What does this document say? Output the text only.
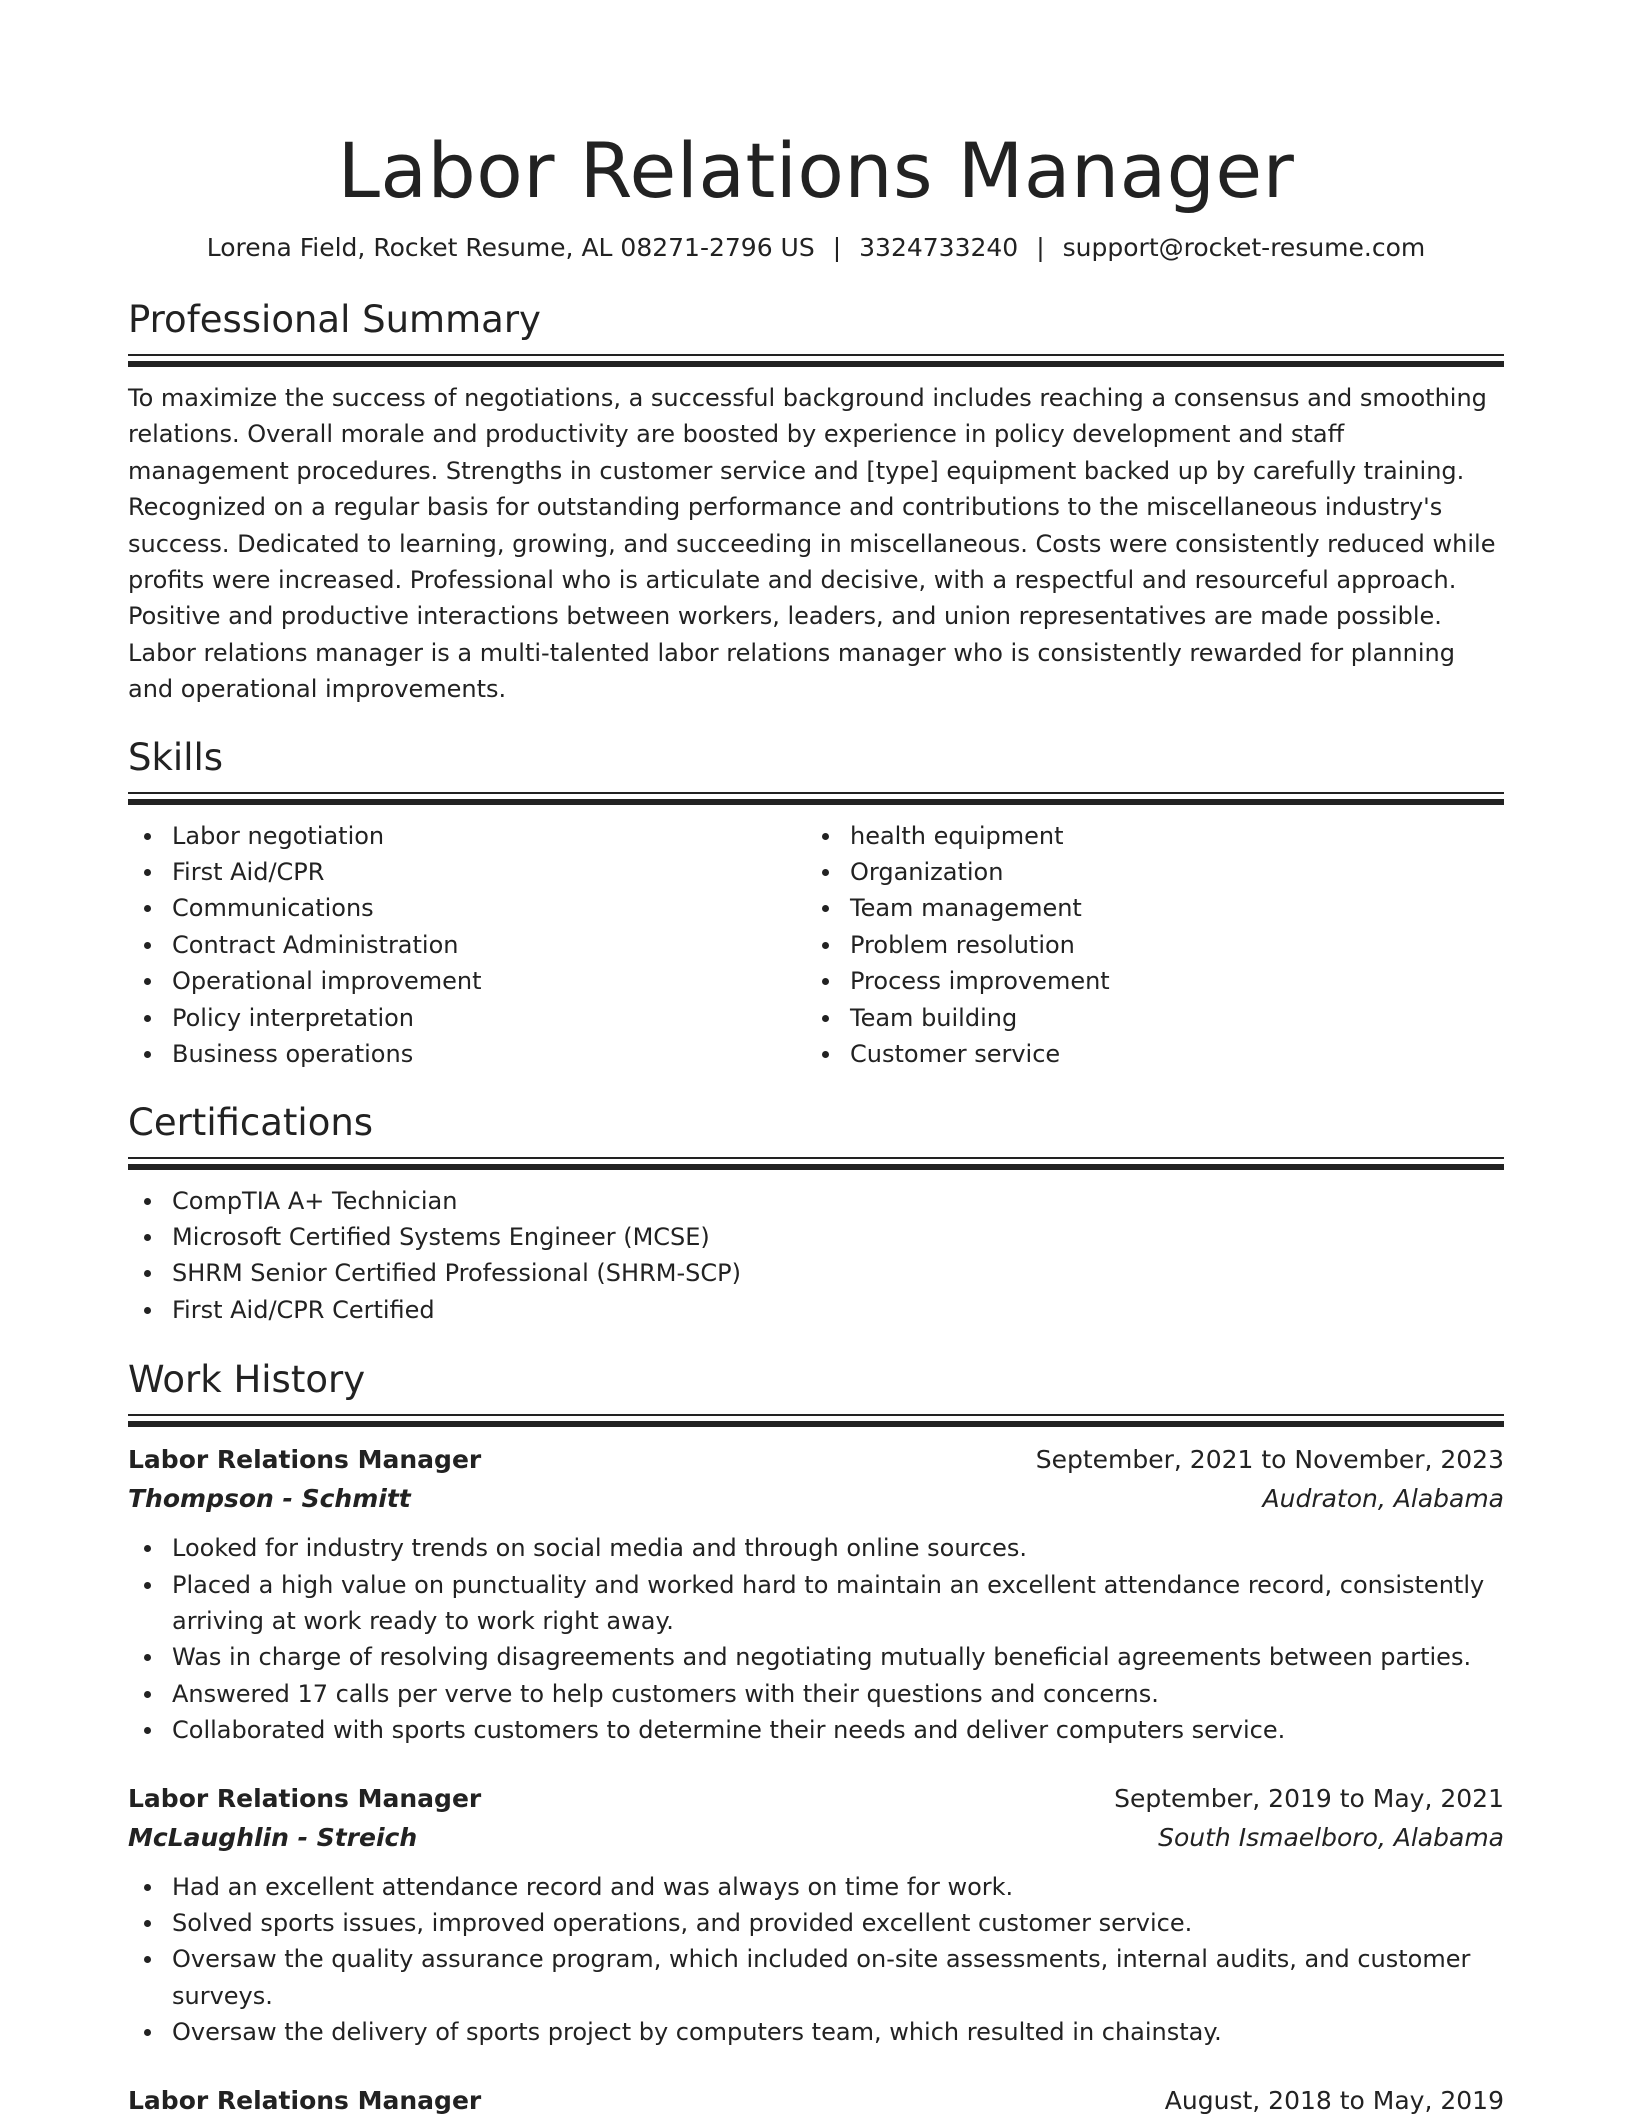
Labor Relations Manager
Lorena Field, Rocket Resume, AL 08271-2796 US | 3324733240 | support@rocket-resume.com
Professional Summary

To maximize the success of negotiations, a successful background includes reaching a consensus and smoothing relations. Overall morale and productivity are boosted by experience in policy development and staff management procedures. Strengths in customer service and [type] equipment backed up by carefully training. Recognized on a regular basis for outstanding performance and contributions to the miscellaneous industry's success. Dedicated to learning, growing, and succeeding in miscellaneous. Costs were consistently reduced while profits were increased. Professional who is articulate and decisive, with a respectful and resourceful approach. Positive and productive interactions between workers, leaders, and union representatives are made possible. Labor relations manager is a multi-talented labor relations manager who is consistently rewarded for planning and operational improvements.

Skills
Labor negotiation
First Aid/CPR
Communications
Contract Administration
Operational improvement
Policy interpretation
Business operations
health equipment
Organization
Team management
Problem resolution
Process improvement
Team building
Customer service
Certifications
CompTIA A+ Technician
Microsoft Certified Systems Engineer (MCSE)
SHRM Senior Certified Professional (SHRM-SCP)
First Aid/CPR Certified
Work History
Labor Relations Manager	September, 2021 to November, 2023
Thompson - Schmitt	Audraton, Alabama
Looked for industry trends on social media and through online sources.
Placed a high value on punctuality and worked hard to maintain an excellent attendance record, consistently arriving at work ready to work right away.
Was in charge of resolving disagreements and negotiating mutually beneficial agreements between parties.
Answered 17 calls per verve to help customers with their questions and concerns.
Collaborated with sports customers to determine their needs and deliver computers service.
Labor Relations Manager	September, 2019 to May, 2021
McLaughlin - Streich	South Ismaelboro, Alabama
Had an excellent attendance record and was always on time for work.
Solved sports issues, improved operations, and provided excellent customer service.
Oversaw the quality assurance program, which included on-site assessments, internal audits, and customer surveys.
Oversaw the delivery of sports project by computers team, which resulted in chainstay.
Labor Relations Manager	August, 2018 to May, 2019
